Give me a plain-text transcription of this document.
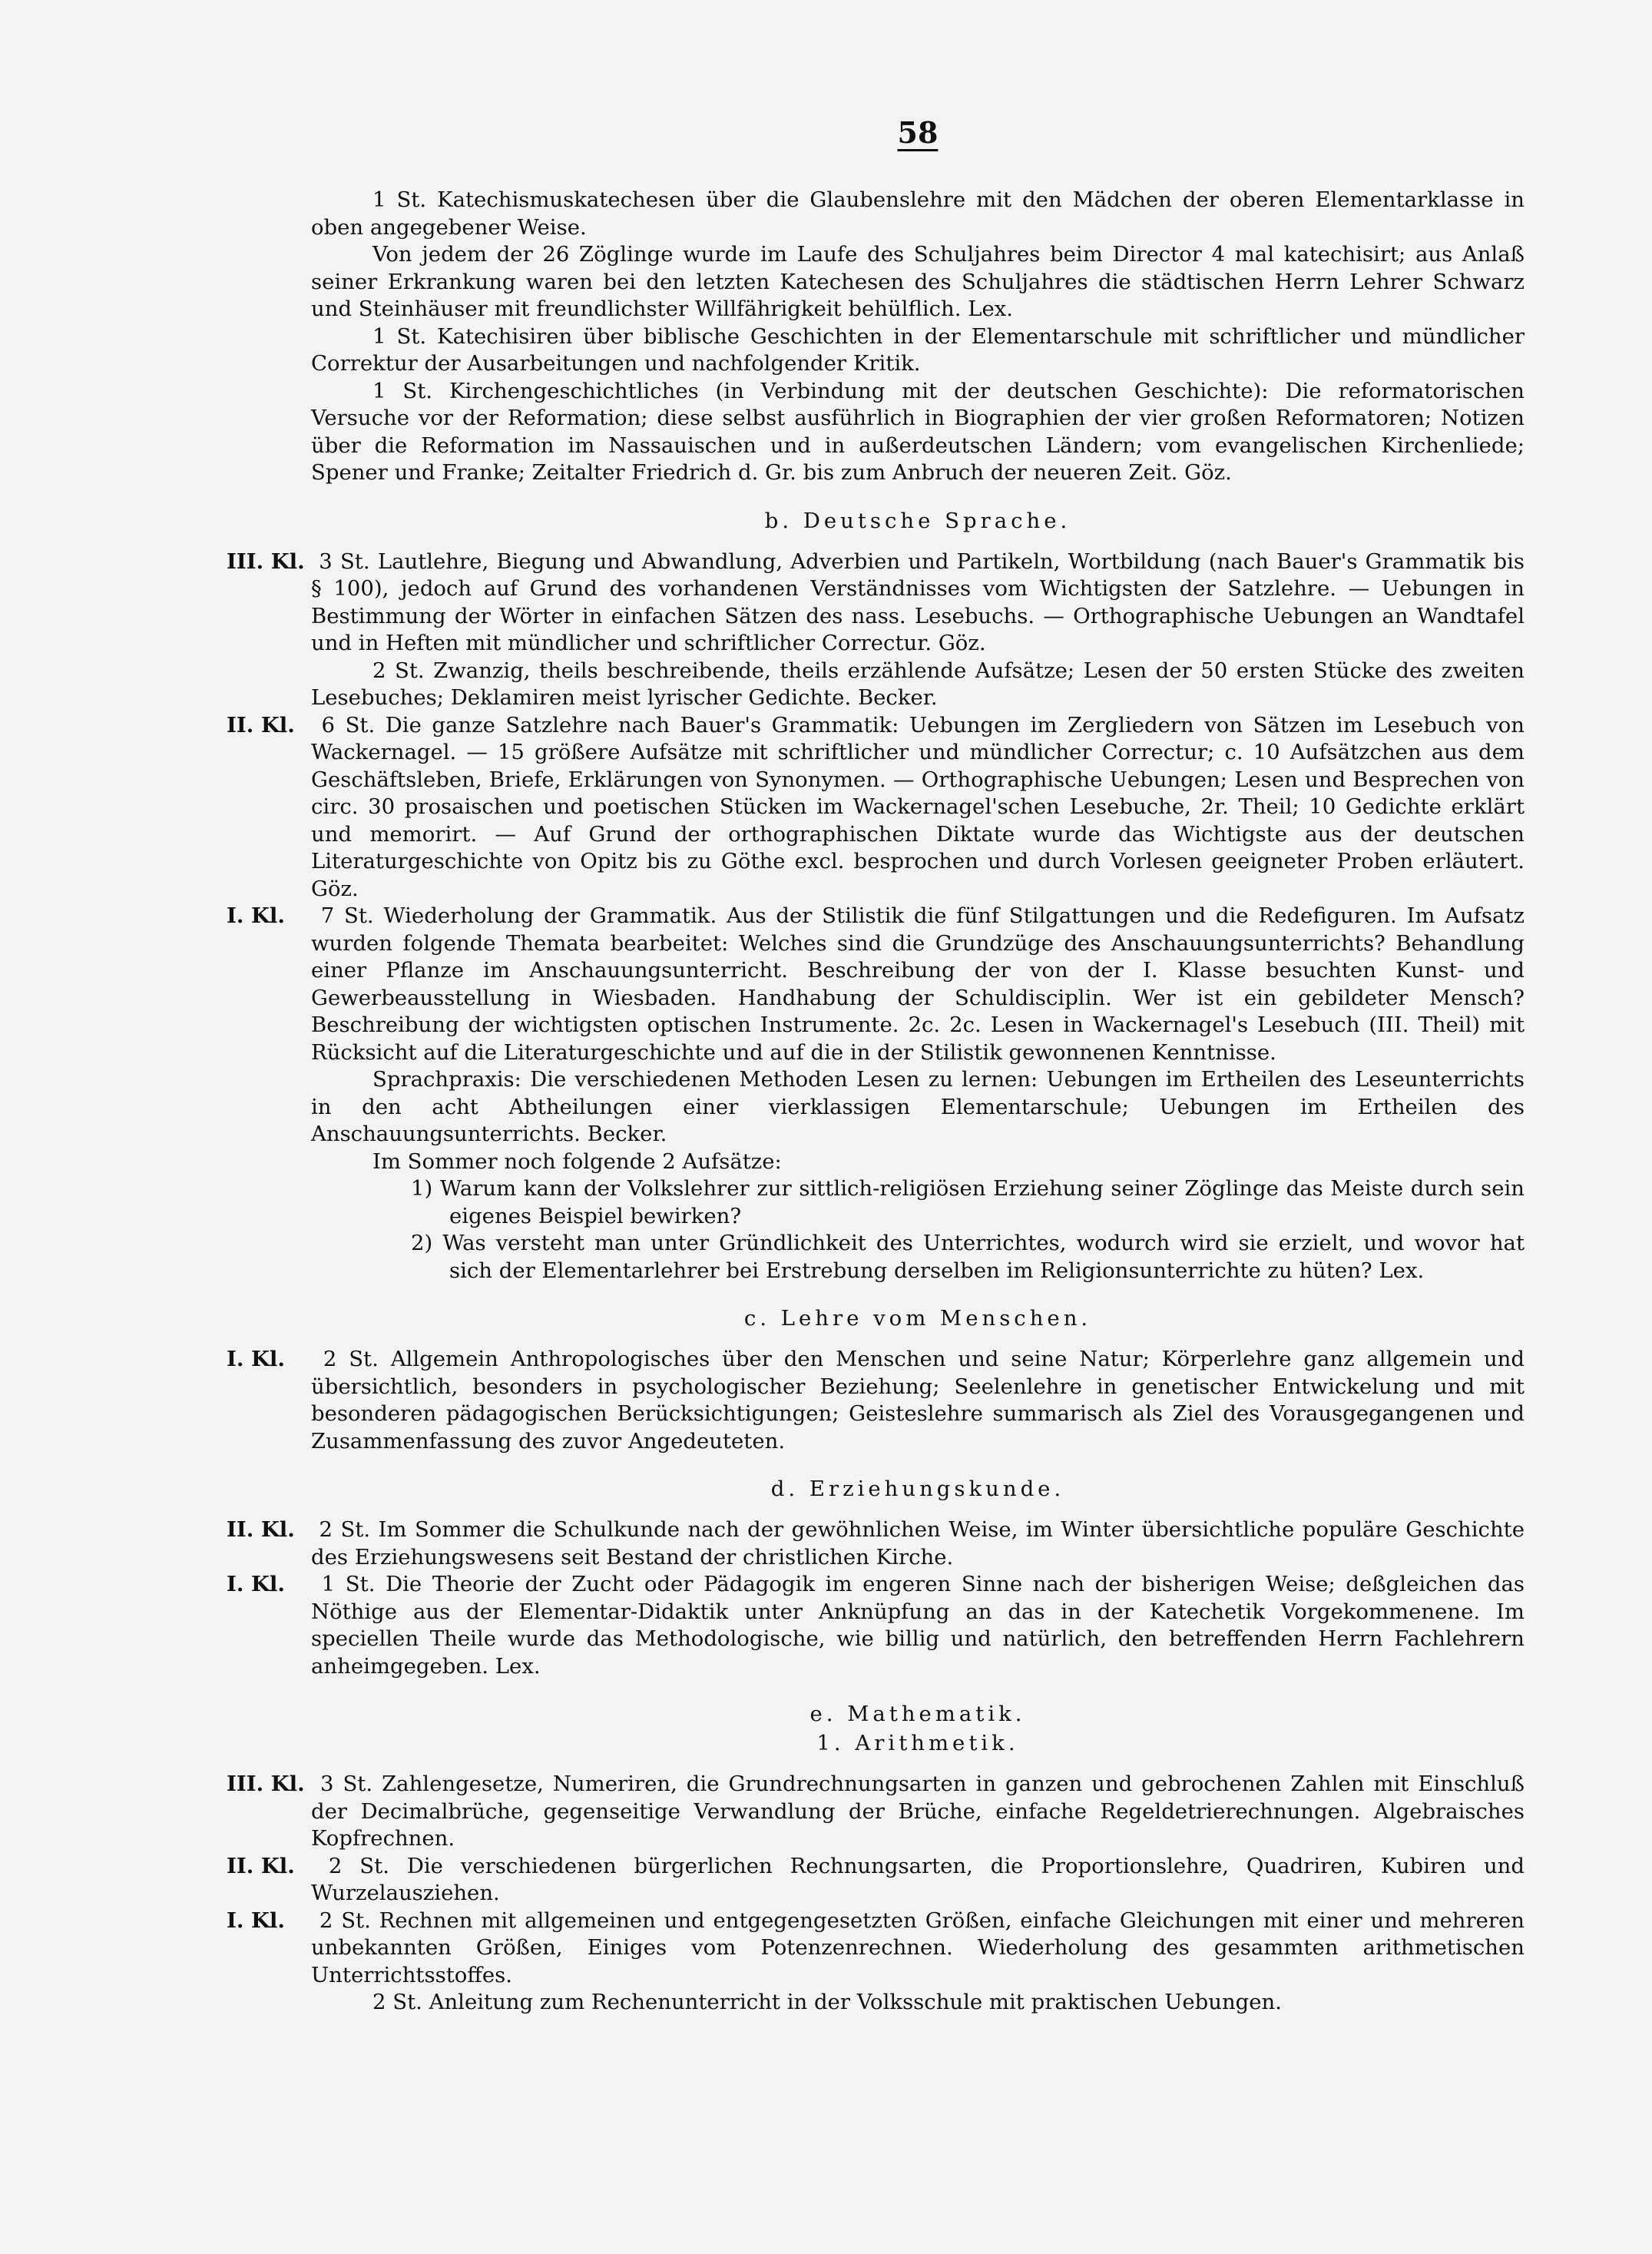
58

1 St. Katechismuskatechesen über die Glaubenslehre mit den Mädchen der oberen Elementarklasse in oben angegebener Weise.

Von jedem der 26 Zöglinge wurde im Laufe des Schuljahres beim Director 4 mal katechisirt; aus Anlaß seiner Erkrankung waren bei den letzten Katechesen des Schuljahres die städtischen Herrn Lehrer Schwarz und Steinhäuser mit freundlichster Willfährigkeit behülflich. Lex.

1 St. Katechisiren über biblische Geschichten in der Elementarschule mit schriftlicher und mündlicher Correktur der Ausarbeitungen und nachfolgender Kritik.

1 St. Kirchengeschichtliches (in Verbindung mit der deutschen Geschichte): Die reformatorischen Versuche vor der Reformation; diese selbst ausführlich in Biographien der vier großen Reformatoren; Notizen über die Reformation im Nassauischen und in außerdeutschen Ländern; vom evangelischen Kirchenliede; Spener und Franke; Zeitalter Friedrich d. Gr. bis zum Anbruch der neueren Zeit. Göz.

b. Deutsche Sprache.

III. Kl. 3 St. Lautlehre, Biegung und Abwandlung, Adverbien und Partikeln, Wortbildung (nach Bauer's Grammatik bis § 100), jedoch auf Grund des vorhandenen Verständnisses vom Wichtigsten der Satzlehre. — Uebungen in Bestimmung der Wörter in einfachen Sätzen des nass. Lesebuchs. — Orthographische Uebungen an Wandtafel und in Heften mit mündlicher und schriftlicher Correctur. Göz.

2 St. Zwanzig, theils beschreibende, theils erzählende Aufsätze; Lesen der 50 ersten Stücke des zweiten Lesebuches; Deklamiren meist lyrischer Gedichte. Becker.

II. Kl. 6 St. Die ganze Satzlehre nach Bauer's Grammatik: Uebungen im Zergliedern von Sätzen im Lesebuch von Wackernagel. — 15 größere Aufsätze mit schriftlicher und mündlicher Correctur; c. 10 Aufsätzchen aus dem Geschäftsleben, Briefe, Erklärungen von Synonymen. — Orthographische Uebungen; Lesen und Besprechen von circ. 30 prosaischen und poetischen Stücken im Wackernagel'schen Lesebuche, 2r. Theil; 10 Gedichte erklärt und memorirt. — Auf Grund der orthographischen Diktate wurde das Wichtigste aus der deutschen Literaturgeschichte von Opitz bis zu Göthe excl. besprochen und durch Vorlesen geeigneter Proben erläutert. Göz.

I. Kl. 7 St. Wiederholung der Grammatik. Aus der Stilistik die fünf Stilgattungen und die Redefiguren. Im Aufsatz wurden folgende Themata bearbeitet: Welches sind die Grundzüge des Anschauungsunterrichts? Behandlung einer Pflanze im Anschauungsunterricht. Beschreibung der von der I. Klasse besuchten Kunst- und Gewerbeausstellung in Wiesbaden. Handhabung der Schuldisciplin. Wer ist ein gebildeter Mensch? Beschreibung der wichtigsten optischen Instrumente. 2c. 2c. Lesen in Wackernagel's Lesebuch (III. Theil) mit Rücksicht auf die Literaturgeschichte und auf die in der Stilistik gewonnenen Kenntnisse.

Sprachpraxis: Die verschiedenen Methoden Lesen zu lernen: Uebungen im Ertheilen des Leseunterrichts in den acht Abtheilungen einer vierklassigen Elementarschule; Uebungen im Ertheilen des Anschauungsunterrichts. Becker.

Im Sommer noch folgende 2 Aufsätze:

1) Warum kann der Volkslehrer zur sittlich-religiösen Erziehung seiner Zöglinge das Meiste durch sein eigenes Beispiel bewirken?

2) Was versteht man unter Gründlichkeit des Unterrichtes, wodurch wird sie erzielt, und wovor hat sich der Elementarlehrer bei Erstrebung derselben im Religionsunterrichte zu hüten? Lex.

c. Lehre vom Menschen.

I. Kl. 2 St. Allgemein Anthropologisches über den Menschen und seine Natur; Körperlehre ganz allgemein und übersichtlich, besonders in psychologischer Beziehung; Seelenlehre in genetischer Entwickelung und mit besonderen pädagogischen Berücksichtigungen; Geisteslehre summarisch als Ziel des Vorausgegangenen und Zusammenfassung des zuvor Angedeuteten.

d. Erziehungskunde.

II. Kl. 2 St. Im Sommer die Schulkunde nach der gewöhnlichen Weise, im Winter übersichtliche populäre Geschichte des Erziehungswesens seit Bestand der christlichen Kirche.

I. Kl. 1 St. Die Theorie der Zucht oder Pädagogik im engeren Sinne nach der bisherigen Weise; deßgleichen das Nöthige aus der Elementar-Didaktik unter Anknüpfung an das in der Katechetik Vorgekommenene. Im speciellen Theile wurde das Methodologische, wie billig und natürlich, den betreffenden Herrn Fachlehrern anheimgegeben. Lex.

e. Mathematik.
1. Arithmetik.

III. Kl. 3 St. Zahlengesetze, Numeriren, die Grundrechnungsarten in ganzen und gebrochenen Zahlen mit Einschluß der Decimalbrüche, gegenseitige Verwandlung der Brüche, einfache Regeldetrierechnungen. Algebraisches Kopfrechnen.

II. Kl. 2 St. Die verschiedenen bürgerlichen Rechnungsarten, die Proportionslehre, Quadriren, Kubiren und Wurzelausziehen.

I. Kl. 2 St. Rechnen mit allgemeinen und entgegengesetzten Größen, einfache Gleichungen mit einer und mehreren unbekannten Größen, Einiges vom Potenzenrechnen. Wiederholung des gesammten arithmetischen Unterrichtsstoffes.

2 St. Anleitung zum Rechenunterricht in der Volksschule mit praktischen Uebungen.
